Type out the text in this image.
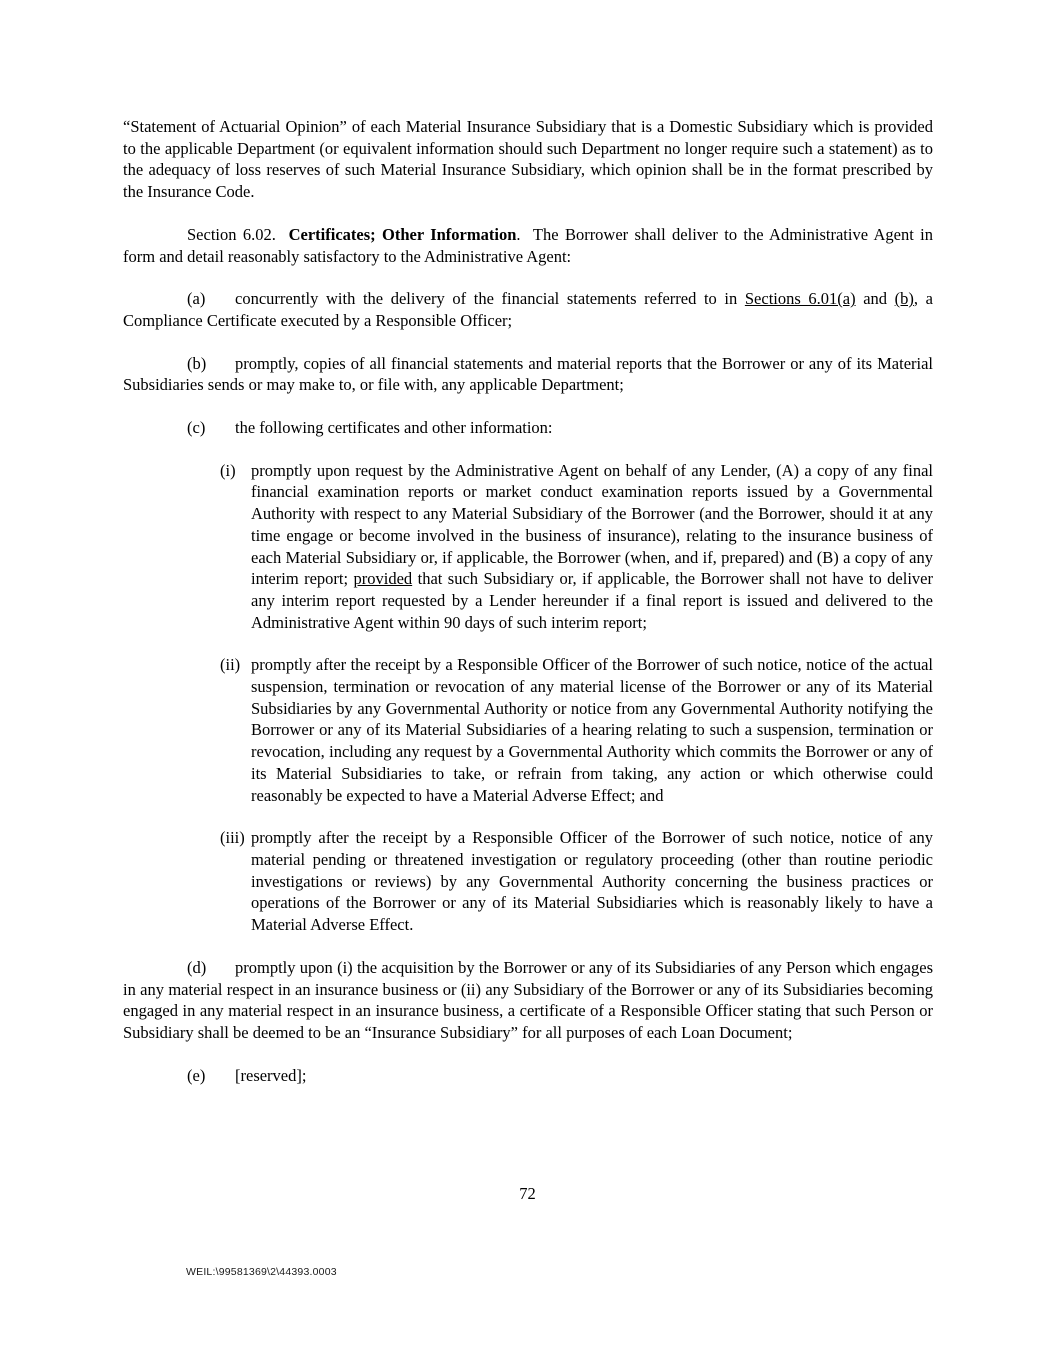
“Statement of Actuarial Opinion” of each Material Insurance Subsidiary that is a Domestic Subsidiary which is provided to the applicable Department (or equivalent information should such Department no longer require such a statement) as to the adequacy of loss reserves of such Material Insurance Subsidiary, which opinion shall be in the format prescribed by the Insurance Code.

Section 6.02.  Certificates; Other Information.  The Borrower shall deliver to the Administrative Agent in form and detail reasonably satisfactory to the Administrative Agent:

(a) concurrently with the delivery of the financial statements referred to in Sections 6.01(a) and (b), a Compliance Certificate executed by a Responsible Officer;

(b) promptly, copies of all financial statements and material reports that the Borrower or any of its Material Subsidiaries sends or may make to, or file with, any applicable Department;

(c) the following certificates and other information:

(i) promptly upon request by the Administrative Agent on behalf of any Lender, (A) a copy of any final financial examination reports or market conduct examination reports issued by a Governmental Authority with respect to any Material Subsidiary of the Borrower (and the Borrower, should it at any time engage or become involved in the business of insurance), relating to the insurance business of each Material Subsidiary or, if applicable, the Borrower (when, and if, prepared) and (B) a copy of any interim report; provided that such Subsidiary or, if applicable, the Borrower shall not have to deliver any interim report requested by a Lender hereunder if a final report is issued and delivered to the Administrative Agent within 90 days of such interim report;

(ii) promptly after the receipt by a Responsible Officer of the Borrower of such notice, notice of the actual suspension, termination or revocation of any material license of the Borrower or any of its Material Subsidiaries by any Governmental Authority or notice from any Governmental Authority notifying the Borrower or any of its Material Subsidiaries of a hearing relating to such a suspension, termination or revocation, including any request by a Governmental Authority which commits the Borrower or any of its Material Subsidiaries to take, or refrain from taking, any action or which otherwise could reasonably be expected to have a Material Adverse Effect; and

(iii) promptly after the receipt by a Responsible Officer of the Borrower of such notice, notice of any material pending or threatened investigation or regulatory proceeding (other than routine periodic investigations or reviews) by any Governmental Authority concerning the business practices or operations of the Borrower or any of its Material Subsidiaries which is reasonably likely to have a Material Adverse Effect.

(d) promptly upon (i) the acquisition by the Borrower or any of its Subsidiaries of any Person which engages in any material respect in an insurance business or (ii) any Subsidiary of the Borrower or any of its Subsidiaries becoming engaged in any material respect in an insurance business, a certificate of a Responsible Officer stating that such Person or Subsidiary shall be deemed to be an “Insurance Subsidiary” for all purposes of each Loan Document;

(e) [reserved];

72
WEIL:\99581369\2\44393.0003
